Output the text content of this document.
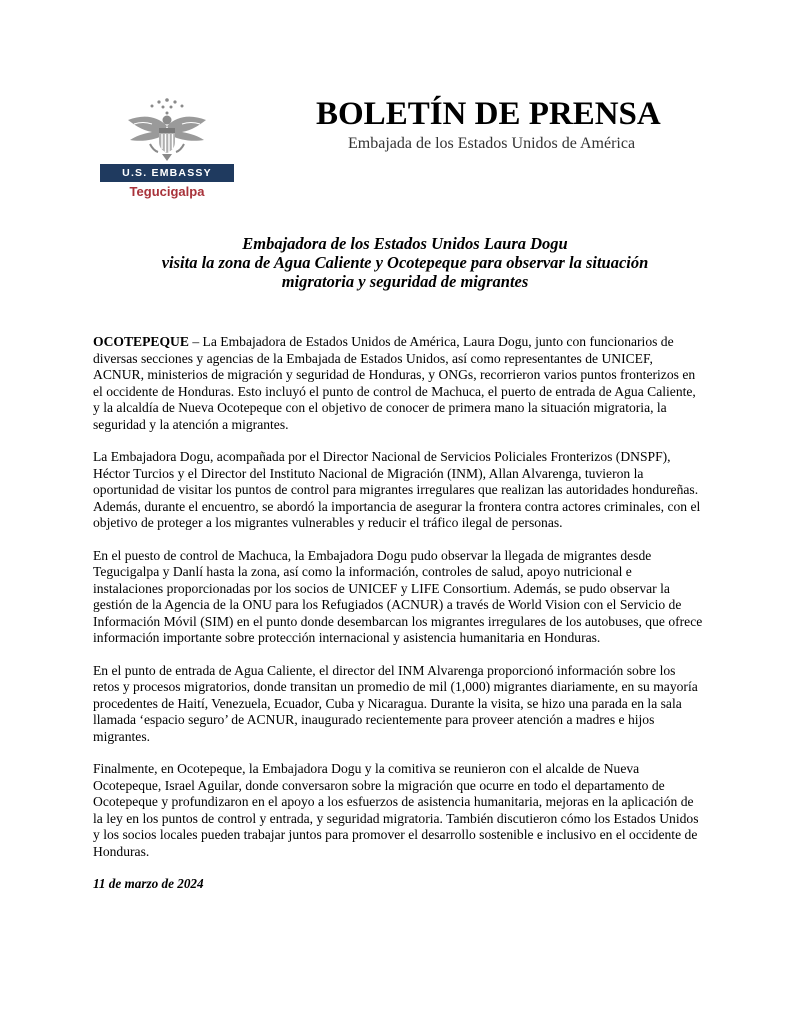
U.S. EMBASSY
Tegucigalpa
BOLETÍN DE PRENSA
Embajada de los Estados Unidos de América
Embajadora de los Estados Unidos Laura Dogu
visita la zona de Agua Caliente y Ocotepeque para observar la situación
migratoria y seguridad de migrantes

OCOTEPEQUE – La Embajadora de Estados Unidos de América, Laura Dogu, junto con funcionarios de diversas secciones y agencias de la Embajada de Estados Unidos, así como representantes de UNICEF, ACNUR, ministerios de migración y seguridad de Honduras, y ONGs, recorrieron varios puntos fronterizos en el occidente de Honduras. Esto incluyó el punto de control de Machuca, el puerto de entrada de Agua Caliente, y la alcaldía de Nueva Ocotepeque con el objetivo de conocer de primera mano la situación migratoria, la seguridad y la atención a migrantes.

La Embajadora Dogu, acompañada por el Director Nacional de Servicios Policiales Fronterizos (DNSPF), Héctor Turcios y el Director del Instituto Nacional de Migración (INM), Allan Alvarenga, tuvieron la oportunidad de visitar los puntos de control para migrantes irregulares que realizan las autoridades hondureñas. Además, durante el encuentro, se abordó la importancia de asegurar la frontera contra actores criminales, con el objetivo de proteger a los migrantes vulnerables y reducir el tráfico ilegal de personas.

En el puesto de control de Machuca, la Embajadora Dogu pudo observar la llegada de migrantes desde Tegucigalpa y Danlí hasta la zona, así como la información, controles de salud, apoyo nutricional e instalaciones proporcionadas por los socios de UNICEF y LIFE Consortium. Además, se pudo observar la gestión de la Agencia de la ONU para los Refugiados (ACNUR) a través de World Vision con el Servicio de Información Móvil (SIM) en el punto donde desembarcan los migrantes irregulares de los autobuses, que ofrece información importante sobre protección internacional y asistencia humanitaria en Honduras.

En el punto de entrada de Agua Caliente, el director del INM Alvarenga proporcionó información sobre los retos y procesos migratorios, donde transitan un promedio de mil (1,000) migrantes diariamente, en su mayoría procedentes de Haití, Venezuela, Ecuador, Cuba y Nicaragua. Durante la visita, se hizo una parada en la sala llamada ‘espacio seguro’ de ACNUR, inaugurado recientemente para proveer atención a madres e hijos migrantes.

Finalmente, en Ocotepeque, la Embajadora Dogu y la comitiva se reunieron con el alcalde de Nueva Ocotepeque, Israel Aguilar, donde conversaron sobre la migración que ocurre en todo el departamento de Ocotepeque y profundizaron en el apoyo a los esfuerzos de asistencia humanitaria, mejoras en la aplicación de la ley en los puntos de control y entrada, y seguridad migratoria. También discutieron cómo los Estados Unidos y los socios locales pueden trabajar juntos para promover el desarrollo sostenible e inclusivo en el occidente de Honduras.

11 de marzo de 2024
